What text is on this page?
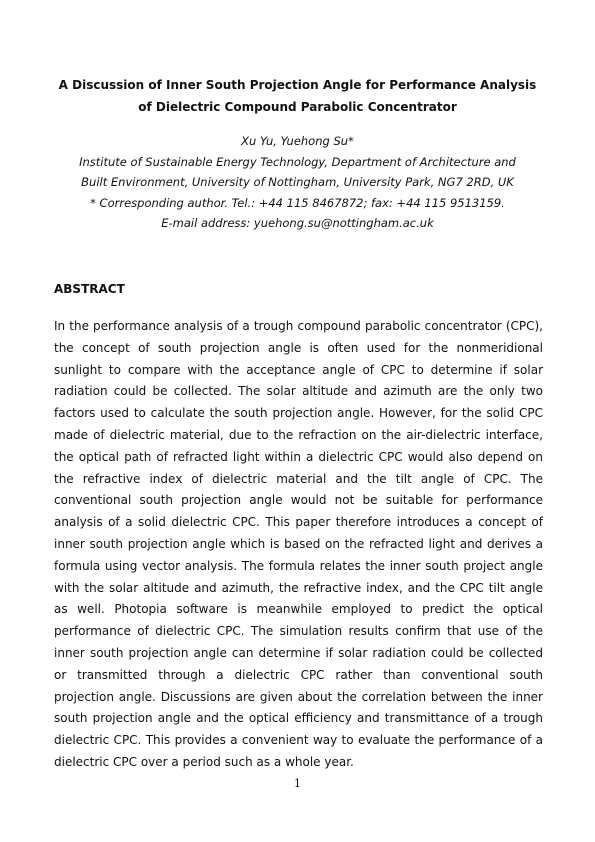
A Discussion of Inner South Projection Angle for Performance Analysis
of Dielectric Compound Parabolic Concentrator
Xu Yu, Yuehong Su*
Institute of Sustainable Energy Technology, Department of Architecture and
Built Environment, University of Nottingham, University Park, NG7 2RD, UK
* Corresponding author. Tel.: +44 115 8467872; fax: +44 115 9513159.
E-mail address: yuehong.su@nottingham.ac.uk
ABSTRACT
In the performance analysis of a trough compound parabolic concentrator (CPC),
the concept of south projection angle is often used for the nonmeridional
sunlight to compare with the acceptance angle of CPC to determine if solar
radiation could be collected. The solar altitude and azimuth are the only two
factors used to calculate the south projection angle. However, for the solid CPC
made of dielectric material, due to the refraction on the air-dielectric interface,
the optical path of refracted light within a dielectric CPC would also depend on
the refractive index of dielectric material and the tilt angle of CPC. The
conventional south projection angle would not be suitable for performance
analysis of a solid dielectric CPC. This paper therefore introduces a concept of
inner south projection angle which is based on the refracted light and derives a
formula using vector analysis. The formula relates the inner south project angle
with the solar altitude and azimuth, the refractive index, and the CPC tilt angle
as well. Photopia software is meanwhile employed to predict the optical
performance of dielectric CPC. The simulation results confirm that use of the
inner south projection angle can determine if solar radiation could be collected
or transmitted through a dielectric CPC rather than conventional south
projection angle. Discussions are given about the correlation between the inner
south projection angle and the optical efficiency and transmittance of a trough
dielectric CPC. This provides a convenient way to evaluate the performance of a
dielectric CPC over a period such as a whole year.
1
